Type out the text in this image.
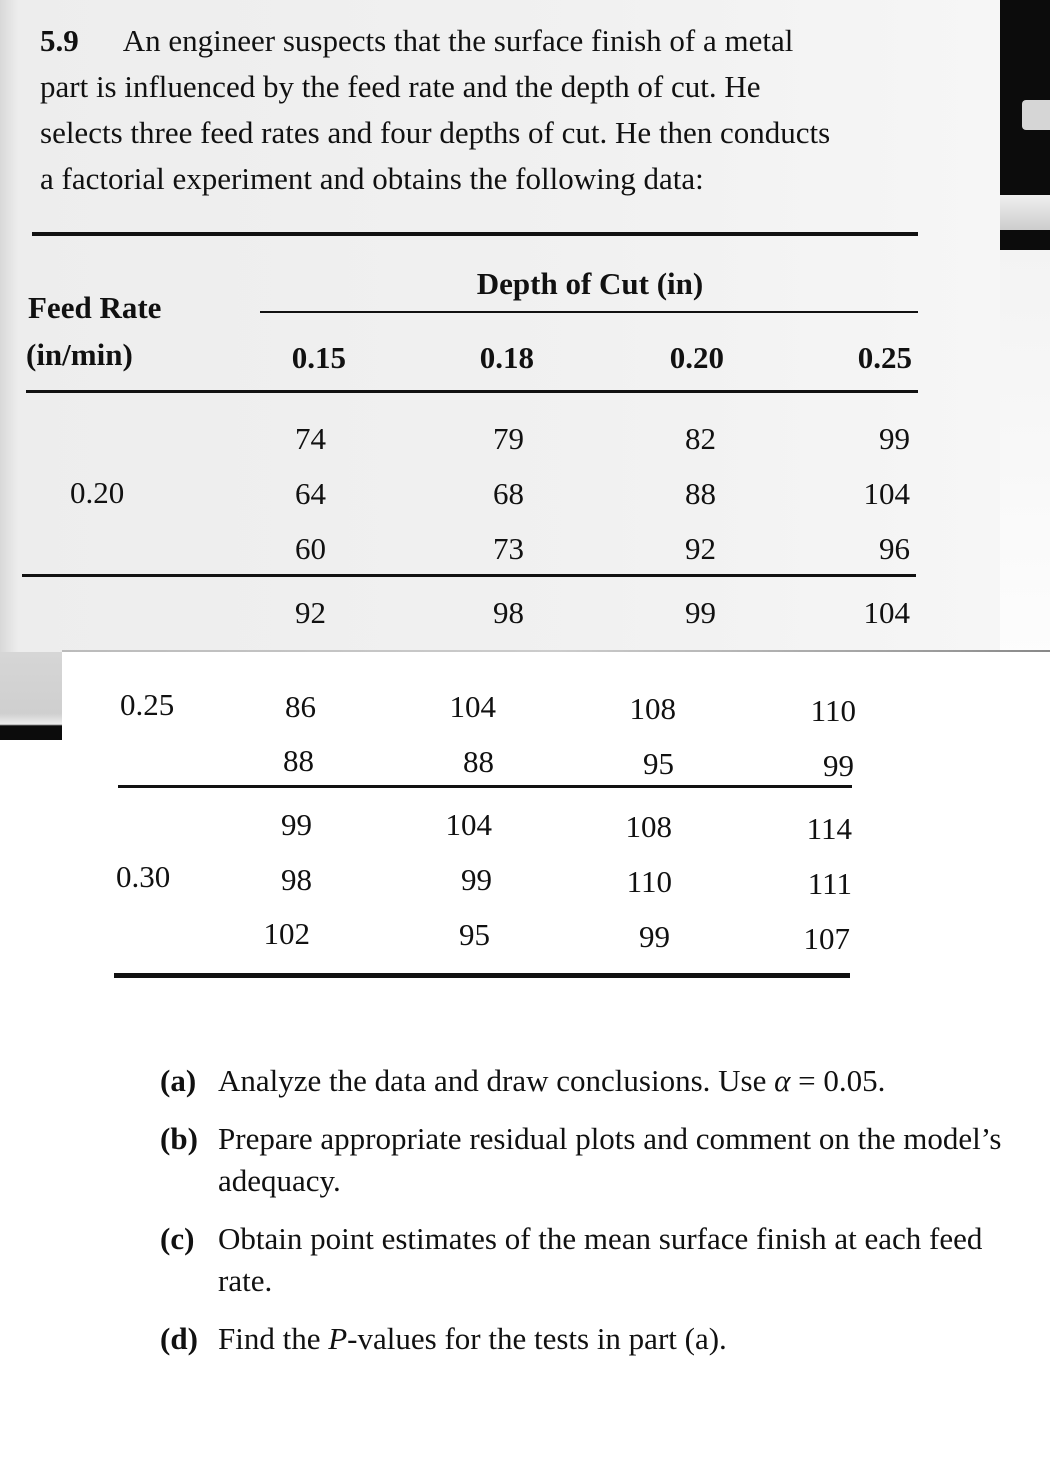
5.9 An engineer suspects that the surface finish of a metal

part is influenced by the feed rate and the depth of cut. He

selects three feed rates and four depths of cut. He then conducts

a factorial experiment and obtains the following data:

Depth of Cut (in)
Feed Rate
(in/min)	0.15	0.18	0.20	0.25
0.20
74	79	82	99
64	68	88	104
60	73	92	96
92	98	99	104
0.25	86	104	108	110
88	88	95	99
99	104	108	114
0.30	98	99	110	111
102	95	99	107
(a) Analyze the data and draw conclusions. Use α = 0.05.
(b) Prepare appropriate residual plots and comment on the model’s adequacy.
(c) Obtain point estimates of the mean surface finish at each feed rate.
(d) Find the P-values for the tests in part (a).
